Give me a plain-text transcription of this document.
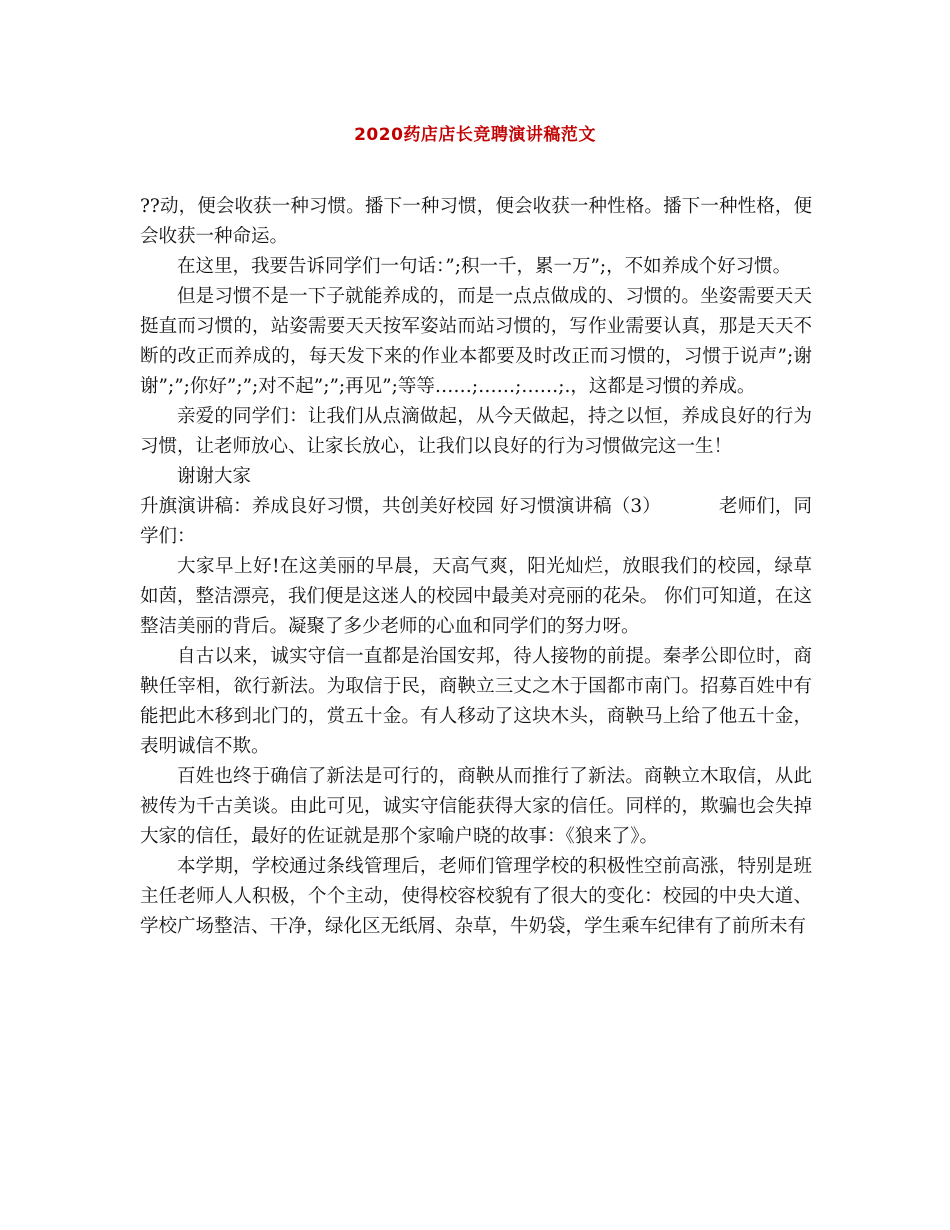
2020药店店长竞聘演讲稿范文

??动，便会收获一种习惯。播下一种习惯，便会收获一种性格。播下一种性格，便会收获一种命运。

在这里，我要告诉同学们一句话：”;积一千，累一万”;，不如养成个好习惯。

但是习惯不是一下子就能养成的，而是一点点做成的、习惯的。坐姿需要天天挺直而习惯的，站姿需要天天按军姿站而站习惯的，写作业需要认真，那是天天不断的改正而养成的，每天发下来的作业本都要及时改正而习惯的，习惯于说声”;谢谢”;”;你好”;”;对不起”;”;再见”;等等……;……;……;.，这都是习惯的养成。

亲爱的同学们：让我们从点滴做起，从今天做起，持之以恒，养成良好的行为习惯，让老师放心、让家长放心，让我们以良好的行为习惯做完这一生！

谢谢大家

升旗演讲稿：养成良好习惯，共创美好校园 好习惯演讲稿（3）	老师们，同学们：

大家早上好!在这美丽的早晨，天高气爽，阳光灿烂，放眼我们的校园，绿草如茵，整洁漂亮，我们便是这迷人的校园中最美对亮丽的花朵。 你们可知道，在这整洁美丽的背后。凝聚了多少老师的心血和同学们的努力呀。

自古以来，诚实守信一直都是治国安邦，待人接物的前提。秦孝公即位时，商鞅任宰相，欲行新法。为取信于民，商鞅立三丈之木于国都市南门。招募百姓中有能把此木移到北门的，赏五十金。有人移动了这块木头，商鞅马上给了他五十金，表明诚信不欺。

百姓也终于确信了新法是可行的，商鞅从而推行了新法。商鞅立木取信，从此被传为千古美谈。由此可见，诚实守信能获得大家的信任。同样的，欺骗也会失掉大家的信任，最好的佐证就是那个家喻户晓的故事：《狼来了》。

本学期，学校通过条线管理后，老师们管理学校的积极性空前高涨，特别是班主任老师人人积极，个个主动，使得校容校貌有了很大的变化：校园的中央大道、学校广场整洁、干净，绿化区无纸屑、杂草，牛奶袋，学生乘车纪律有了前所未有
